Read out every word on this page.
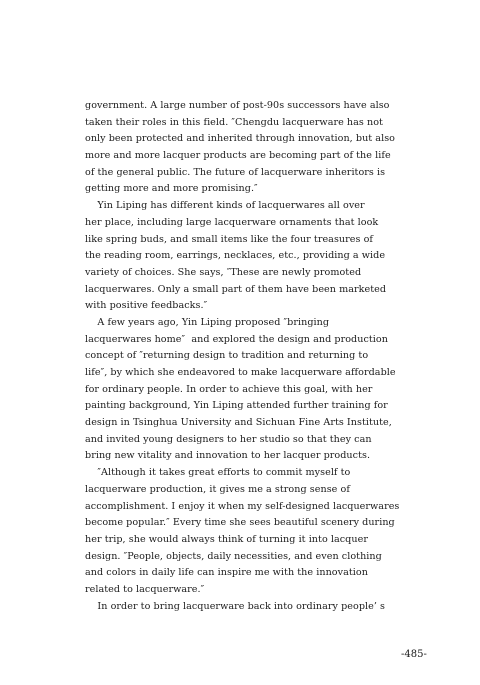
government. A large number of post-90s successors have also
taken their roles in this field. ″Chengdu lacquerware has not
only been protected and inherited through innovation, but also
more and more lacquer products are becoming part of the life
of the general public. The future of lacquerware inheritors is
getting more and more promising.″
Yin Liping has different kinds of lacquerwares all over
her place, including large lacquerware ornaments that look
like spring buds, and small items like the four treasures of
the reading room, earrings, necklaces, etc., providing a wide
variety of choices. She says, ″These are newly promoted
lacquerwares. Only a small part of them have been marketed
with positive feedbacks.″
A few years ago, Yin Liping proposed ″bringing
lacquerwares home″  and explored the design and production
concept of ″returning design to tradition and returning to
life″, by which she endeavored to make lacquerware affordable
for ordinary people. In order to achieve this goal, with her
painting background, Yin Liping attended further training for
design in Tsinghua University and Sichuan Fine Arts Institute,
and invited young designers to her studio so that they can
bring new vitality and innovation to her lacquer products.
″Although it takes great efforts to commit myself to
lacquerware production, it gives me a strong sense of
accomplishment. I enjoy it when my self-designed lacquerwares
become popular.″ Every time she sees beautiful scenery during
her trip, she would always think of turning it into lacquer
design. ″People, objects, daily necessities, and even clothing
and colors in daily life can inspire me with the innovation
related to lacquerware.″
In order to bring lacquerware back into ordinary people’ s
-485-
